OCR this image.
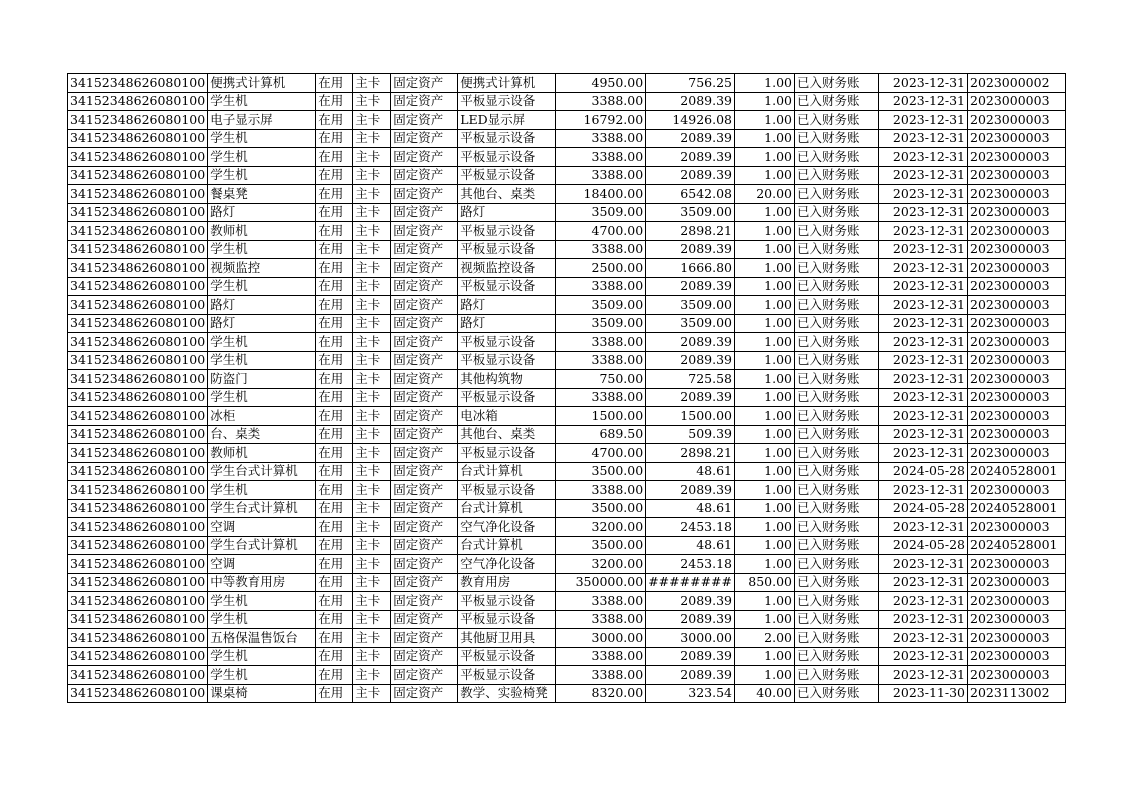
34152348626080100	便携式计算机	在用	主卡	固定资产	便携式计算机	4950.00	756.25	1.00	已入财务账	2023-12-31	2023000002
34152348626080100	学生机	在用	主卡	固定资产	平板显示设备	3388.00	2089.39	1.00	已入财务账	2023-12-31	2023000003
34152348626080100	电子显示屏	在用	主卡	固定资产	LED显示屏	16792.00	14926.08	1.00	已入财务账	2023-12-31	2023000003
34152348626080100	学生机	在用	主卡	固定资产	平板显示设备	3388.00	2089.39	1.00	已入财务账	2023-12-31	2023000003
34152348626080100	学生机	在用	主卡	固定资产	平板显示设备	3388.00	2089.39	1.00	已入财务账	2023-12-31	2023000003
34152348626080100	学生机	在用	主卡	固定资产	平板显示设备	3388.00	2089.39	1.00	已入财务账	2023-12-31	2023000003
34152348626080100	餐桌凳	在用	主卡	固定资产	其他台、桌类	18400.00	6542.08	20.00	已入财务账	2023-12-31	2023000003
34152348626080100	路灯	在用	主卡	固定资产	路灯	3509.00	3509.00	1.00	已入财务账	2023-12-31	2023000003
34152348626080100	教师机	在用	主卡	固定资产	平板显示设备	4700.00	2898.21	1.00	已入财务账	2023-12-31	2023000003
34152348626080100	学生机	在用	主卡	固定资产	平板显示设备	3388.00	2089.39	1.00	已入财务账	2023-12-31	2023000003
34152348626080100	视频监控	在用	主卡	固定资产	视频监控设备	2500.00	1666.80	1.00	已入财务账	2023-12-31	2023000003
34152348626080100	学生机	在用	主卡	固定资产	平板显示设备	3388.00	2089.39	1.00	已入财务账	2023-12-31	2023000003
34152348626080100	路灯	在用	主卡	固定资产	路灯	3509.00	3509.00	1.00	已入财务账	2023-12-31	2023000003
34152348626080100	路灯	在用	主卡	固定资产	路灯	3509.00	3509.00	1.00	已入财务账	2023-12-31	2023000003
34152348626080100	学生机	在用	主卡	固定资产	平板显示设备	3388.00	2089.39	1.00	已入财务账	2023-12-31	2023000003
34152348626080100	学生机	在用	主卡	固定资产	平板显示设备	3388.00	2089.39	1.00	已入财务账	2023-12-31	2023000003
34152348626080100	防盗门	在用	主卡	固定资产	其他构筑物	750.00	725.58	1.00	已入财务账	2023-12-31	2023000003
34152348626080100	学生机	在用	主卡	固定资产	平板显示设备	3388.00	2089.39	1.00	已入财务账	2023-12-31	2023000003
34152348626080100	冰柜	在用	主卡	固定资产	电冰箱	1500.00	1500.00	1.00	已入财务账	2023-12-31	2023000003
34152348626080100	台、桌类	在用	主卡	固定资产	其他台、桌类	689.50	509.39	1.00	已入财务账	2023-12-31	2023000003
34152348626080100	教师机	在用	主卡	固定资产	平板显示设备	4700.00	2898.21	1.00	已入财务账	2023-12-31	2023000003
34152348626080100	学生台式计算机	在用	主卡	固定资产	台式计算机	3500.00	48.61	1.00	已入财务账	2024-05-28	20240528001
34152348626080100	学生机	在用	主卡	固定资产	平板显示设备	3388.00	2089.39	1.00	已入财务账	2023-12-31	2023000003
34152348626080100	学生台式计算机	在用	主卡	固定资产	台式计算机	3500.00	48.61	1.00	已入财务账	2024-05-28	20240528001
34152348626080100	空调	在用	主卡	固定资产	空气净化设备	3200.00	2453.18	1.00	已入财务账	2023-12-31	2023000003
34152348626080100	学生台式计算机	在用	主卡	固定资产	台式计算机	3500.00	48.61	1.00	已入财务账	2024-05-28	20240528001
34152348626080100	空调	在用	主卡	固定资产	空气净化设备	3200.00	2453.18	1.00	已入财务账	2023-12-31	2023000003
34152348626080100	中等教育用房	在用	主卡	固定资产	教育用房	350000.00	########	850.00	已入财务账	2023-12-31	2023000003
34152348626080100	学生机	在用	主卡	固定资产	平板显示设备	3388.00	2089.39	1.00	已入财务账	2023-12-31	2023000003
34152348626080100	学生机	在用	主卡	固定资产	平板显示设备	3388.00	2089.39	1.00	已入财务账	2023-12-31	2023000003
34152348626080100	五格保温售饭台	在用	主卡	固定资产	其他厨卫用具	3000.00	3000.00	2.00	已入财务账	2023-12-31	2023000003
34152348626080100	学生机	在用	主卡	固定资产	平板显示设备	3388.00	2089.39	1.00	已入财务账	2023-12-31	2023000003
34152348626080100	学生机	在用	主卡	固定资产	平板显示设备	3388.00	2089.39	1.00	已入财务账	2023-12-31	2023000003
34152348626080100	课桌椅	在用	主卡	固定资产	教学、实验椅凳	8320.00	323.54	40.00	已入财务账	2023-11-30	2023113002
